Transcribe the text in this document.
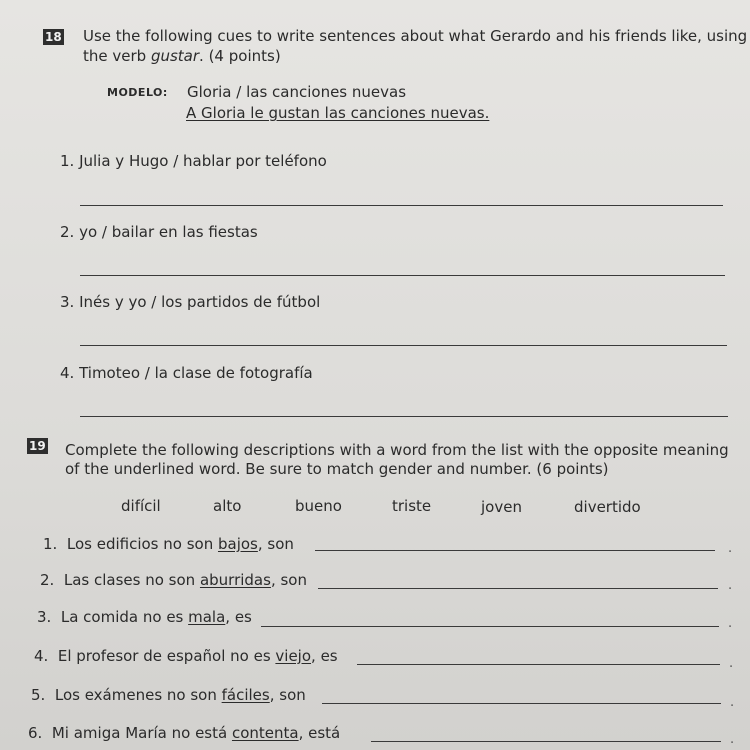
18 Use the following cues to write sentences about what Gerardo and his friends like, using
the verb gustar. (4 points)
MODELO: Gloria / las canciones nuevas
A Gloria le gustan las canciones nuevas.
1. Julia y Hugo / hablar por teléfono
2. yo / bailar en las fiestas
3. Inés y yo / los partidos de fútbol
4. Timoteo / la clase de fotografía
19 Complete the following descriptions with a word from the list with the opposite meaning
of the underlined word. Be sure to match gender and number. (6 points)
difícil	alto	bueno	triste	joven	divertido
1. Los edificios no son bajos, son	.
2. Las clases no son aburridas, son	.
3. La comida no es mala, es	.
4. El profesor de español no es viejo, es	.
5. Los exámenes no son fáciles, son	.
6. Mi amiga María no está contenta, está	.
